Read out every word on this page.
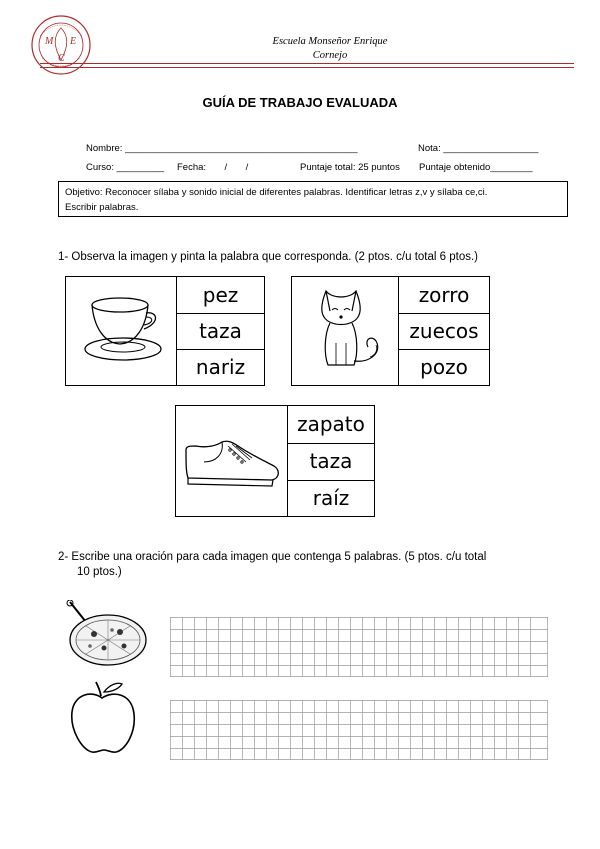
M E
C
Escuela Monseñor Enrique
Cornejo
GUÍA DE TRABAJO EVALUADA
Nombre: ____________________________________________	Nota: __________________
Curso: _________ Fecha:       /       /	Puntaje total: 25 puntos Puntaje obtenido________
Objetivo: Reconocer sílaba y sonido inicial de diferentes palabras. Identificar letras z,v y sílaba ce,ci.
Escribir palabras.
1- Observa la imagen y pinta la palabra que corresponda. (2 ptos. c/u total 6 ptos.)
pez
taza
nariz
zorro
zuecos
pozo
zapato
taza
raíz
2- Escribe una oración para cada imagen que contenga 5 palabras. (5 ptos. c/u total
10 ptos.)
